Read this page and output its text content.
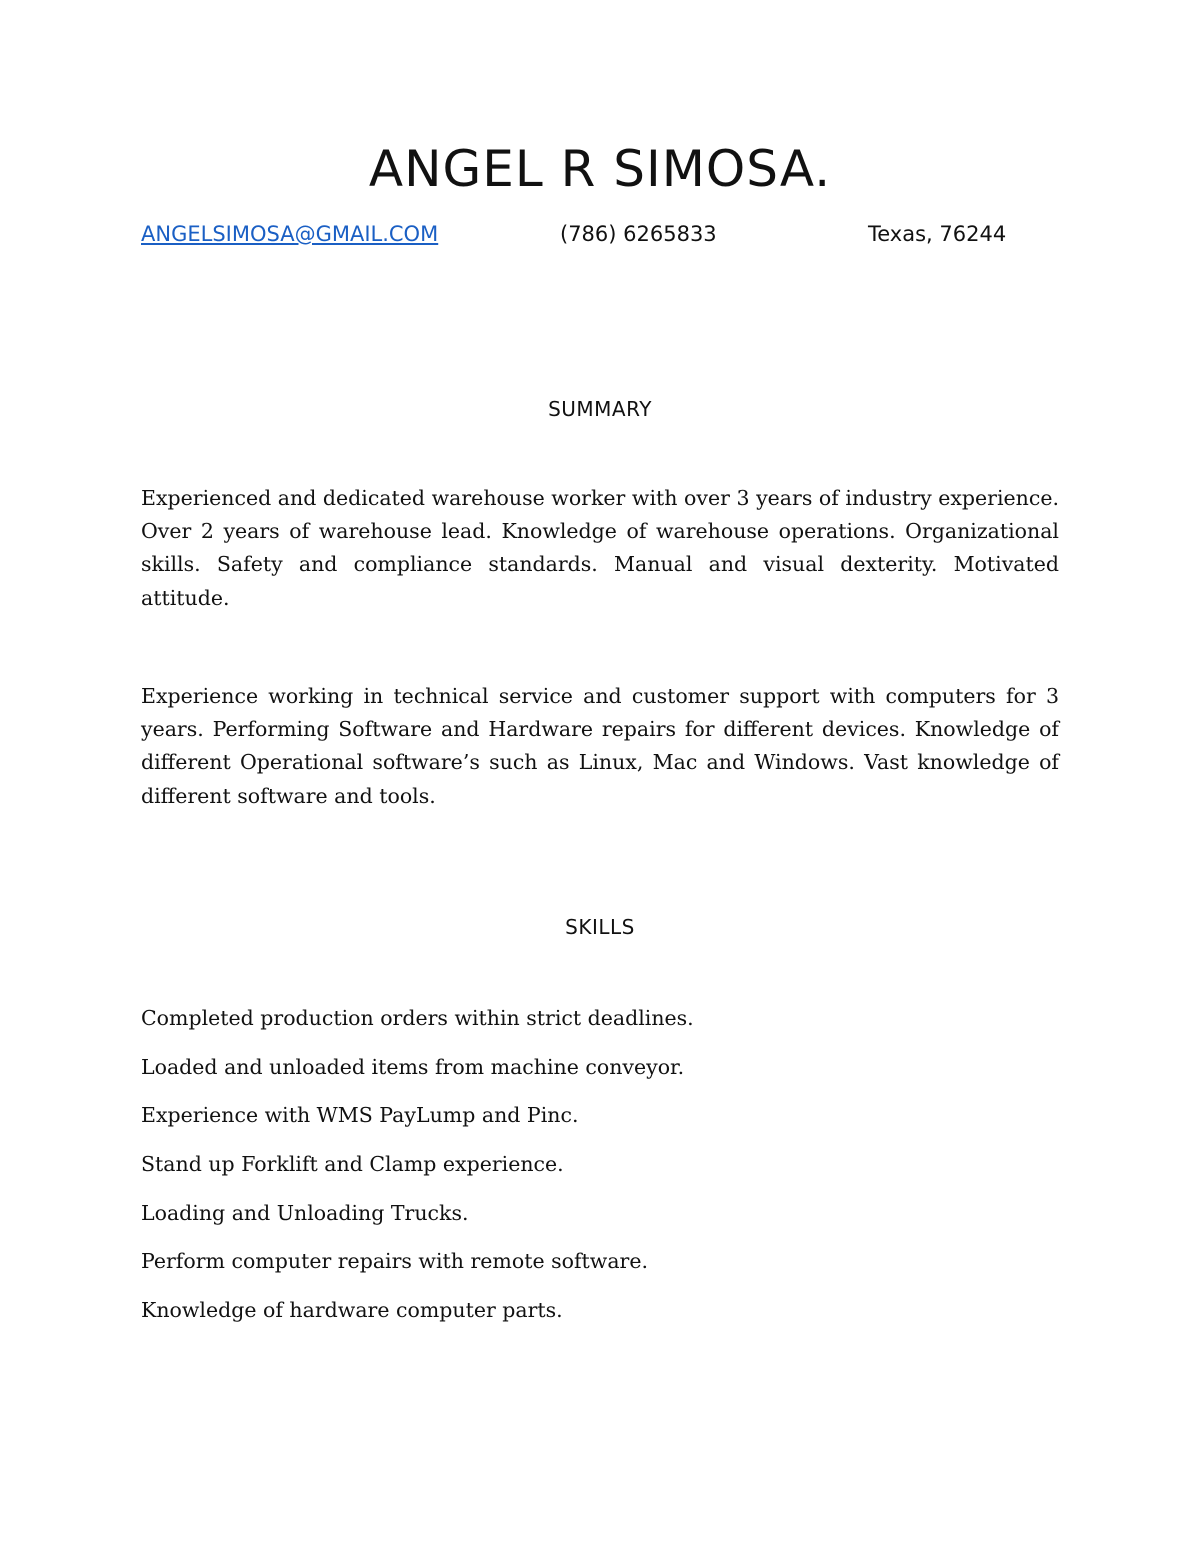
ANGEL R SIMOSA.
ANGELSIMOSA@GMAIL.COM	(786) 6265833	Texas, 76244
SUMMARY

Experienced and dedicated warehouse worker with over 3 years of industry experience. Over 2 years of warehouse lead. Knowledge of warehouse operations. Organizational skills. Safety and compliance standards. Manual and visual dexterity. Motivated attitude.

Experience working in technical service and customer support with computers for 3 years. Performing Software and Hardware repairs for different devices. Knowledge of different Operational software’s such as Linux, Mac and Windows. Vast knowledge of different software and tools.

SKILLS
Completed production orders within strict deadlines.
Loaded and unloaded items from machine conveyor.
Experience with WMS PayLump and Pinc.
Stand up Forklift and Clamp experience.
Loading and Unloading Trucks.
Perform computer repairs with remote software.
Knowledge of hardware computer parts.
